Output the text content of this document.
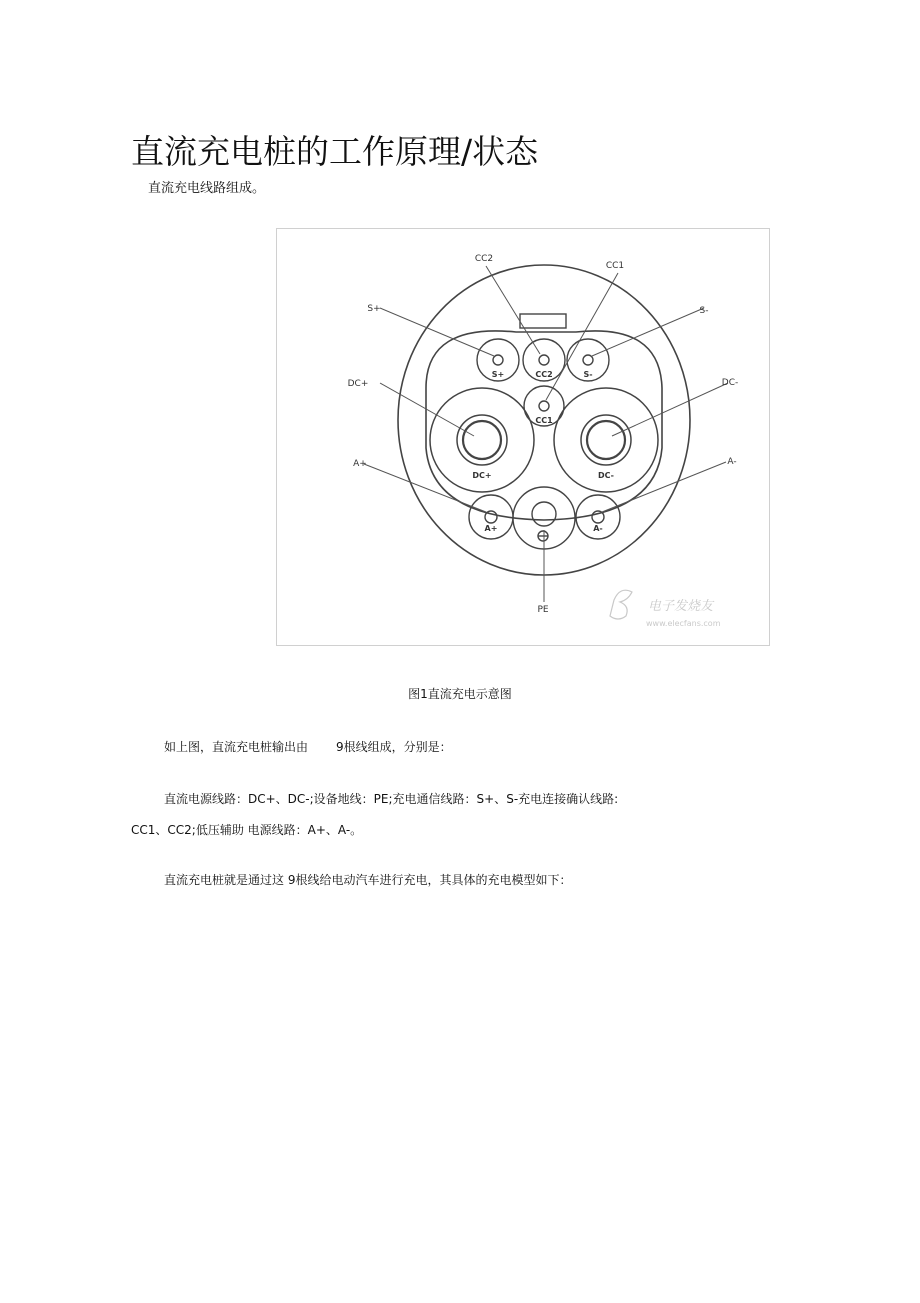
直流充电桩的工作原理/状态
直流充电线路组成。
CC2
CC1
S+	S-
DC+	DC-
A+	A-
PE
S+	CC2	S-
CC1
DC+	DC-
A+	A-
电子发烧友
www.elecfans.com
图1直流充电示意图
如上图，直流充电桩输出由 9根线组成，分别是：
直流电源线路：DC+、DC-;设备地线：PE;充电通信线路：S+、S-充电连接确认线路:
CC1、CC2;低压辅助 电源线路：A+、A-。
直流充电桩就是通过这 9根线给电动汽车进行充电，其具体的充电模型如下：
